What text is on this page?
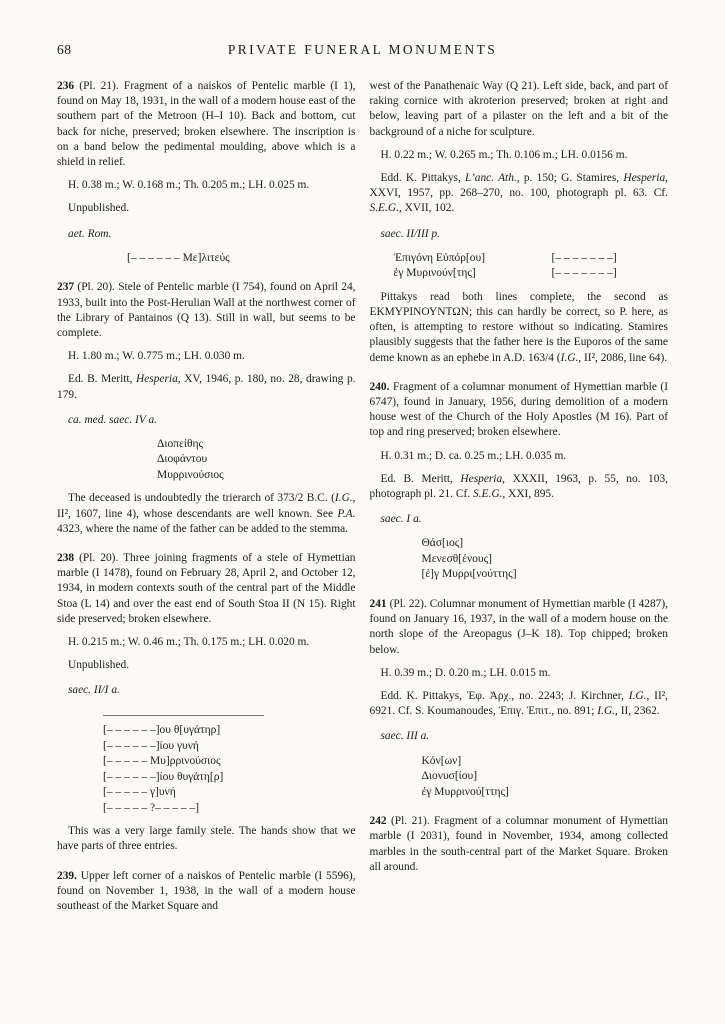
68	PRIVATE FUNERAL MONUMENTS

236 (Pl. 21). Fragment of a naiskos of Pentelic marble (I 1), found on May 18, 1931, in the wall of a modern house east of the southern part of the Metroon (H–I 10). Back and bottom, cut back for niche, preserved; broken elsewhere. The inscription is on a band below the pedimental moulding, above which is a shield in relief.

H. 0.38 m.; W. 0.168 m.; Th. 0.205 m.; LH. 0.025 m.

Unpublished.

aet. Rom.

[– – – – – – Με]λιτεύς

237 (Pl. 20). Stele of Pentelic marble (I 754), found on April 24, 1933, built into the Post-Herulian Wall at the northwest corner of the Library of Pantainos (Q 13). Still in wall, but seems to be complete.

H. 1.80 m.; W. 0.775 m.; LH. 0.030 m.

Ed. B. Meritt, Hesperia, XV, 1946, p. 180, no. 28, drawing p. 179.

ca. med. saec. IV a.

Διοπείθης
Διοφάντου
Μυρρινούσιος

The deceased is undoubtedly the trierarch of 373/2 B.C. (I.G., II², 1607, line 4), whose descendants are well known. See P.A. 4323, where the name of the father can be added to the stemma.

238 (Pl. 20). Three joining fragments of a stele of Hymettian marble (I 1478), found on February 28, April 2, and October 12, 1934, in modern contexts south of the central part of the Middle Stoa (L 14) and over the east end of South Stoa II (N 15). Right side preserved; broken elsewhere.

H. 0.215 m.; W. 0.46 m.; Th. 0.175 m.; LH. 0.020 m.

Unpublished.

saec. II/I a.

––––––––––––––––––––––––––––
[– – – – – –]ου θ[υγάτηρ]
[– – – – – –]ίου γυνή
[– – – – – Μυ]ρρινούσιος
[– – – – – –]ίου θυγάτη[ρ]
[– – – – – γ]υνή
[– – – – – ?– – – – –]

This was a very large family stele. The hands show that we have parts of three entries.

239. Upper left corner of a naiskos of Pentelic marble (I 5596), found on November 1, 1938, in the wall of a modern house southeast of the Market Square and

west of the Panathenaic Way (Q 21). Left side, back, and part of raking cornice with akroterion preserved; broken at right and below, leaving part of a pilaster on the left and a bit of the background of a niche for sculpture.

H. 0.22 m.; W. 0.265 m.; Th. 0.106 m.; LH. 0.0156 m.

Edd. K. Pittakys, L’anc. Ath., p. 150; G. Stamires, Hesperia, XXVI, 1957, pp. 268–270, no. 100, photograph pl. 63. Cf. S.E.G., XVII, 102.

saec. II/III p.

Ἐπιγόνη Εὐπόρ[ου]	[– – – – – – –]
ἐγ Μυρινούν[της]	[– – – – – – –]

Pittakys read both lines complete, the second as ΕΚΜΥΡΙΝΟΥΝΤΩΝ; this can hardly be correct, so P. here, as often, is attempting to restore without so indicating. Stamires plausibly suggests that the father here is the Euporos of the same deme known as an ephebe in A.D. 163/4 (I.G., II², 2086, line 64).

240. Fragment of a columnar monument of Hymettian marble (I 6747), found in January, 1956, during demolition of a modern house west of the Church of the Holy Apostles (M 16). Part of top and ring preserved; broken elsewhere.

H. 0.31 m.; D. ca. 0.25 m.; LH. 0.035 m.

Ed. B. Meritt, Hesperia, XXXII, 1963, p. 55, no. 103, photograph pl. 21. Cf. S.E.G., XXI, 895.

saec. I a.

Θάσ[ιος]
Μενεσθ[ένους]
[ἐ]γ Μυρρι[νούττης]

241 (Pl. 22). Columnar monument of Hymettian marble (I 4287), found on January 16, 1937, in the wall of a modern house on the north slope of the Areopagus (J–K 18). Top chipped; broken below.

H. 0.39 m.; D. 0.20 m.; LH. 0.015 m.

Edd. K. Pittakys, Ἐφ. Ἀρχ., no. 2243; J. Kirchner, I.G., II², 6921. Cf. S. Koumanoudes, Ἐπιγ. Ἐπιτ., no. 891; I.G., II, 2362.

saec. III a.

Κόν[ων]
Διονυσ[ίου]
ἐγ Μυρρινού[ττης]

242 (Pl. 21). Fragment of a columnar monument of Hymettian marble (I 2031), found in November, 1934, among collected marbles in the south-central part of the Market Square. Broken all around.
